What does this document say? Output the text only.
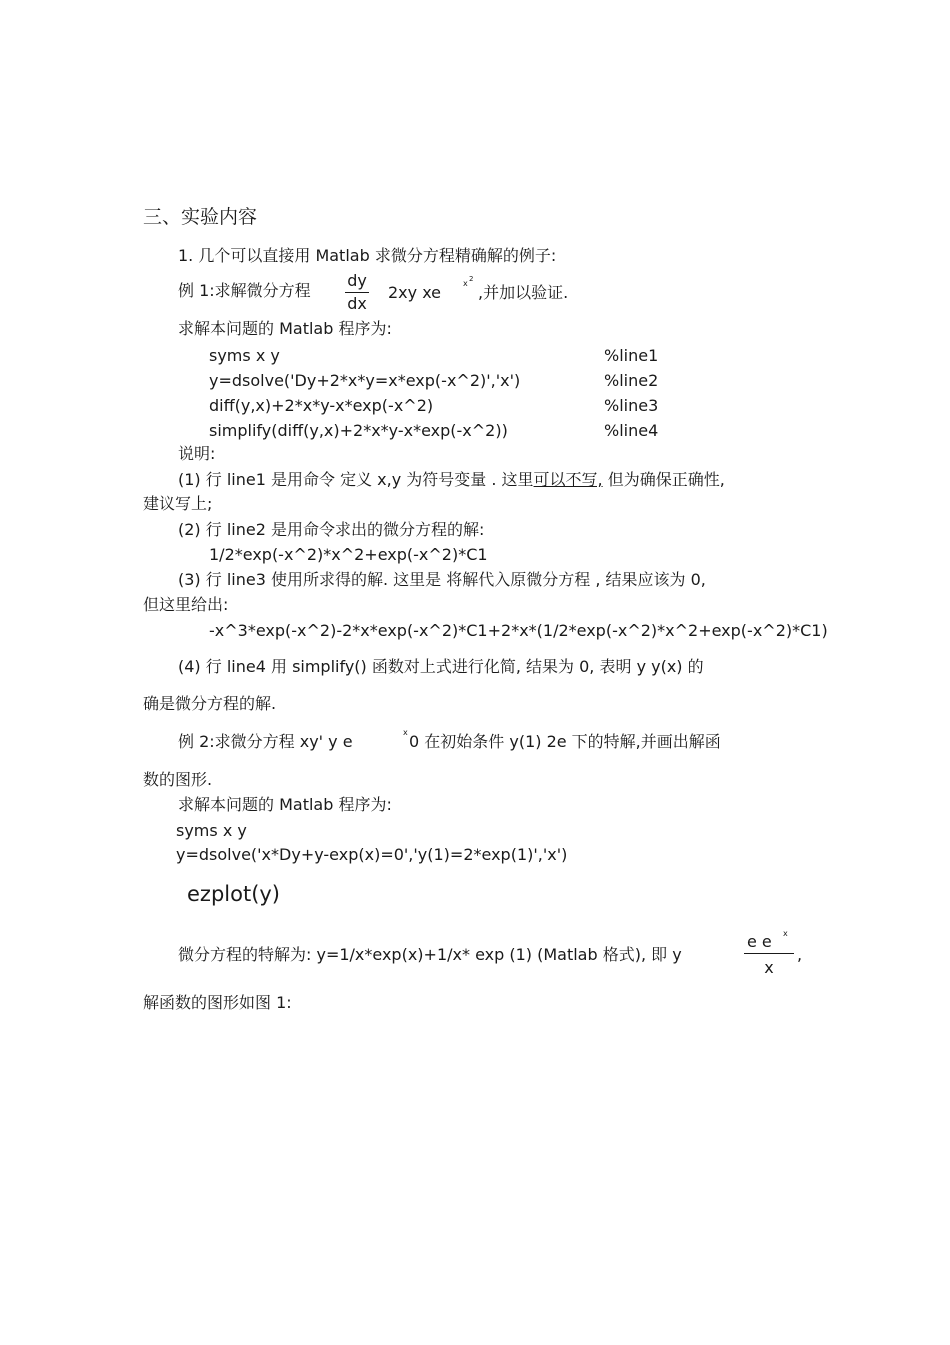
三、实验内容
1. 几个可以直接用 Matlab 求微分方程精确解的例子:
例 1:求解微分方程
dy
dx
2xy xe	x 2
,并加以验证.
求解本问题的 Matlab 程序为:
syms x y	%line1
y=dsolve('Dy+2*x*y=x*exp(-x^2)','x')	%line2
diff(y,x)+2*x*y-x*exp(-x^2)	%line3
simplify(diff(y,x)+2*x*y-x*exp(-x^2))	%line4
说明:
(1) 行 line1 是用命令 定义 x,y 为符号变量 . 这里可以不写, 但为确保正确性,
建议写上;
(2) 行 line2 是用命令求出的微分方程的解:
1/2*exp(-x^2)*x^2+exp(-x^2)*C1
(3) 行 line3 使用所求得的解. 这里是 将解代入原微分方程 , 结果应该为 0,
但这里给出:
-x^3*exp(-x^2)-2*x*exp(-x^2)*C1+2*x*(1/2*exp(-x^2)*x^2+exp(-x^2)*C1)
(4) 行 line4 用 simplify() 函数对上式进行化简, 结果为 0, 表明 y y(x) 的
确是微分方程的解.
例 2:求微分方程 xy' y e	x 0 在初始条件 y(1) 2e 下的特解,并画出解函
数的图形.
求解本问题的 Matlab 程序为:
syms x y
y=dsolve('x*Dy+y-exp(x)=0','y(1)=2*exp(1)','x')
ezplot(y)
微分方程的特解为: y=1/x*exp(x)+1/x* exp (1) (Matlab 格式), 即 y
e e
x
x
,
解函数的图形如图 1:
